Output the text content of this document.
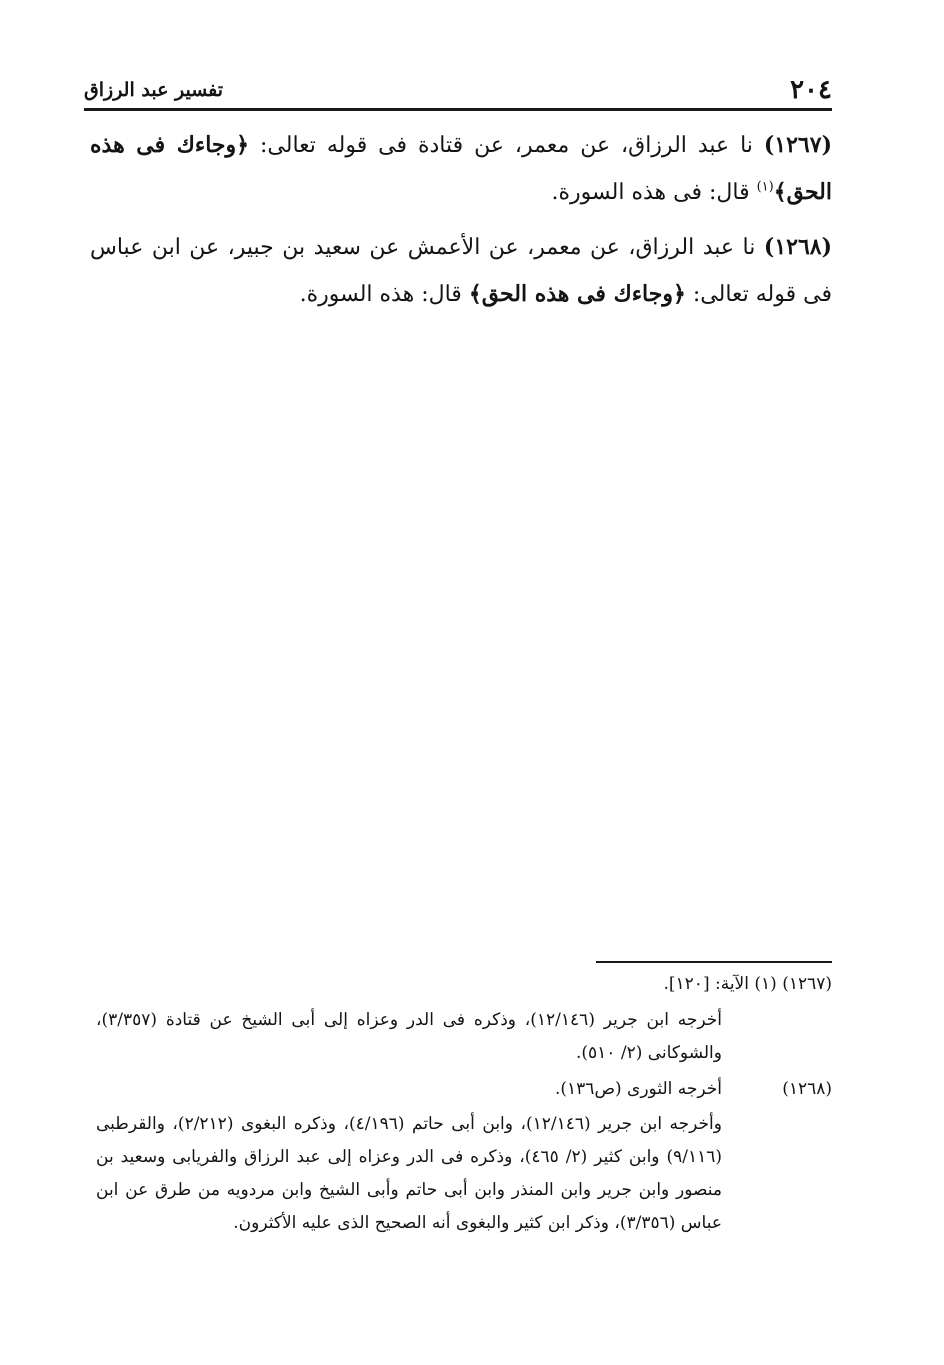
٢٠٤
تفسير عبد الرزاق
(١٢٦٧) نا عبد الرزاق، عن معمر، عن قتادة فى قوله تعالى: ﴿وجاءك فى هذه الحق﴾$^{(١)}$ قال: فى هذه السورة.
(١٢٦٨) نا عبد الرزاق، عن معمر، عن الأعمش عن سعيد بن جبير، عن ابن عباس فى قوله تعالى: ﴿وجاءك فى هذه الحق﴾ قال: هذه السورة.
(١٢٦٧) (١) الآية: [١٢٠].
أخرجه ابن جرير (١٢/١٤٦)، وذكره فى الدر وعزاه إلى أبى الشيخ عن قتادة (٣/٣٥٧)، والشوكانى (٢/ ٥١٠).
(١٢٦٨)
أخرجه الثورى (ص١٣٦).
وأخرجه ابن جرير (١٢/١٤٦)، وابن أبى حاتم (٤/١٩٦)، وذكره البغوى (٢/٢١٢)، والقرطبى (٩/١١٦) وابن كثير (٢/ ٤٦٥)، وذكره فى الدر وعزاه إلى عبد الرزاق والفريابى وسعيد بن منصور وابن جرير وابن المنذر وابن أبى حاتم وأبى الشيخ وابن مردويه من طرق عن ابن عباس (٣/٣٥٦)، وذكر ابن كثير والبغوى أنه الصحيح الذى عليه الأكثرون.
